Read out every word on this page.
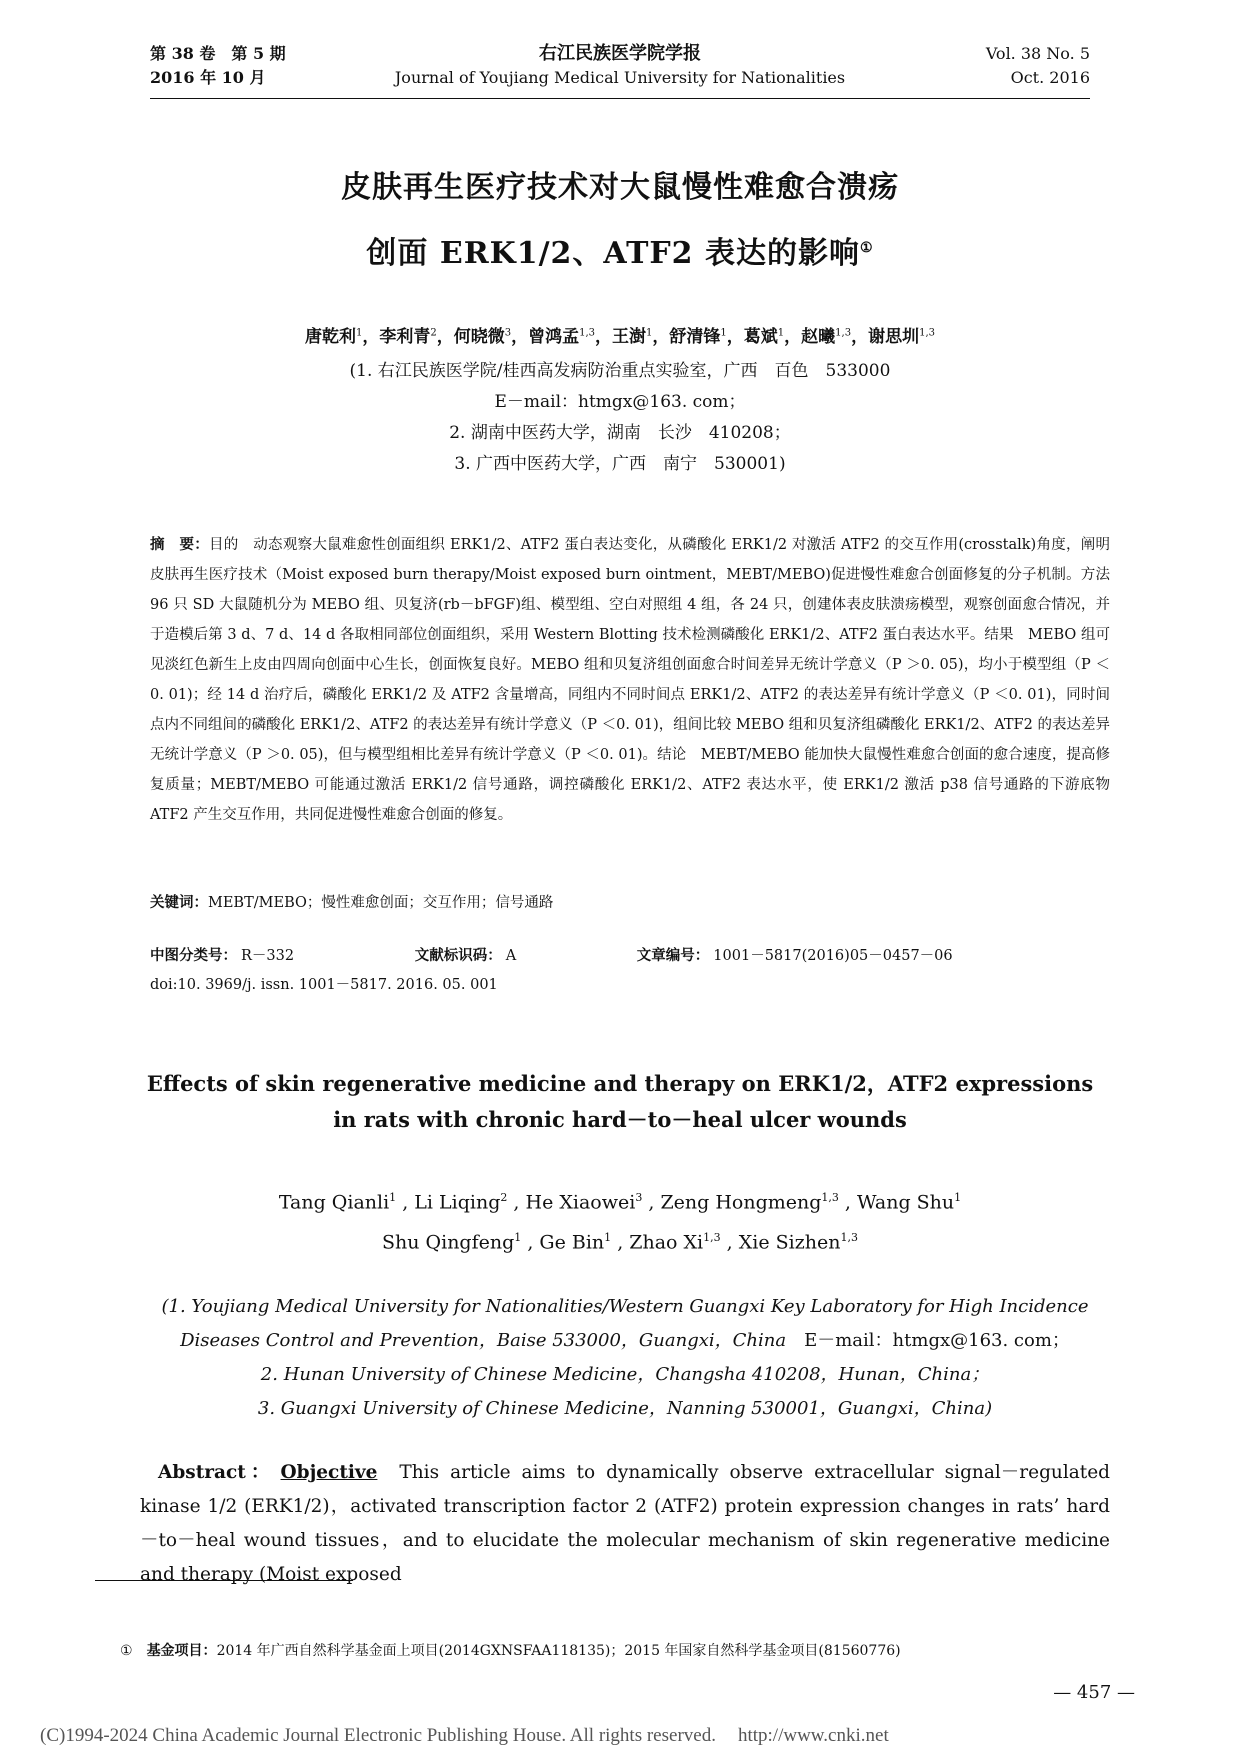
第 38 卷　第 5 期
2016 年 10 月
右江民族医学院学报
Journal of Youjiang Medical University for Nationalities
Vol. 38 No. 5
Oct. 2016
皮肤再生医疗技术对大鼠慢性难愈合溃疡
创面 ERK1/2、ATF2 表达的影响①
唐乾利$^1$，李利青$^2$，何晓微$^3$，曾鸿孟$^{1,3}$，王澍$^1$，舒清锋$^1$，葛斌$^1$，赵曦$^{1,3}$，谢思圳$^{1,3}$
(1. 右江民族医学院/桂西高发病防治重点实验室，广西　百色　533000
E－mail：htmgx@163. com；
2. 湖南中医药大学，湖南　长沙　410208；
3. 广西中医药大学，广西　南宁　530001)
摘　要：目的　动态观察大鼠难愈性创面组织 ERK1/2、ATF2 蛋白表达变化，从磷酸化 ERK1/2 对激活 ATF2 的交互作用(crosstalk)角度，阐明皮肤再生医疗技术（Moist exposed burn therapy/Moist exposed burn ointment，MEBT/MEBO)促进慢性难愈合创面修复的分子机制。方法　96 只 SD 大鼠随机分为 MEBO 组、贝复济(rb－bFGF)组、模型组、空白对照组 4 组，各 24 只，创建体表皮肤溃疡模型，观察创面愈合情况，并于造模后第 3 d、7 d、14 d 各取相同部位创面组织，采用 Western Blotting 技术检测磷酸化 ERK1/2、ATF2 蛋白表达水平。结果　MEBO 组可见淡红色新生上皮由四周向创面中心生长，创面恢复良好。MEBO 组和贝复济组创面愈合时间差异无统计学意义（P ＞0. 05)，均小于模型组（P ＜0. 01)；经 14 d 治疗后，磷酸化 ERK1/2 及 ATF2 含量增高，同组内不同时间点 ERK1/2、ATF2 的表达差异有统计学意义（P ＜0. 01)，同时间点内不同组间的磷酸化 ERK1/2、ATF2 的表达差异有统计学意义（P ＜0. 01)，组间比较 MEBO 组和贝复济组磷酸化 ERK1/2、ATF2 的表达差异无统计学意义（P ＞0. 05)，但与模型组相比差异有统计学意义（P ＜0. 01)。结论　MEBT/MEBO 能加快大鼠慢性难愈合创面的愈合速度，提高修复质量；MEBT/MEBO 可能通过激活 ERK1/2 信号通路，调控磷酸化 ERK1/2、ATF2 表达水平，使 ERK1/2 激活 p38 信号通路的下游底物 ATF2 产生交互作用，共同促进慢性难愈合创面的修复。
关键词：MEBT/MEBO；慢性难愈创面；交互作用；信号通路
中图分类号： R－332	文献标识码： A	文章编号： 1001－5817(2016)05－0457－06
doi:10. 3969/j. issn. 1001－5817. 2016. 05. 001
Effects of skin regenerative medicine and therapy on ERK1/2，ATF2 expressions
in rats with chronic hard－to－heal ulcer wounds
Tang Qianli$^1$ , Li Liqing$^2$ , He Xiaowei$^3$ , Zeng Hongmeng$^{1,3}$ , Wang Shu$^1$
Shu Qingfeng$^1$ , Ge Bin$^1$ , Zhao Xi$^{1,3}$ , Xie Sizhen$^{1,3}$
(1. Youjiang Medical University for Nationalities/Western Guangxi Key Laboratory for High Incidence
Diseases Control and Prevention，Baise 533000，Guangxi，China　 E－mail：htmgx@163. com；
2. Hunan University of Chinese Medicine，Changsha 410208，Hunan，China；
3. Guangxi University of Chinese Medicine，Nanning 530001，Guangxi，China)
Abstract： Objective This article aims to dynamically observe extracellular signal－regulated kinase 1/2 (ERK1/2)，activated transcription factor 2 (ATF2) protein expression changes in rats’ hard－to－heal wound tissues，and to elucidate the molecular mechanism of skin regenerative medicine and therapy (Moist exposed
①　 基金项目：2014 年广西自然科学基金面上项目(2014GXNSFAA118135)；2015 年国家自然科学基金项目(81560776)
— 457 —
(C)1994-2024 China Academic Journal Electronic Publishing House. All rights reserved. http://www.cnki.net
